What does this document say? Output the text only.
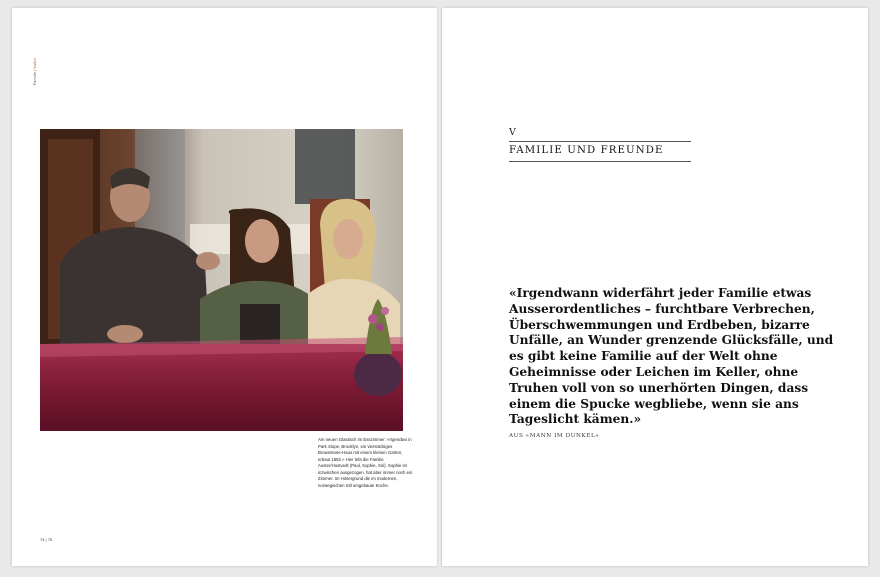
Familie | Kultur

Am neuen Glastisch im Esszimmer: «Irgendwo in Park Slope, Brooklyn, ein vierstöckiges Brownstone-Haus mit einem kleinen Garten, erbaut 1892.» Hier lebt die Familie Auster/Hustvedt (Paul, Sophie, Siri). Sophie ist inzwischen ausgezogen, hat aber immer noch ein Zimmer. Im Hintergrund die im modernen, norwegischen Stil umgebaute Küche.

74 | 75
V
FAMILIE UND FREUNDE

«Irgendwann widerfährt jeder Familie etwas Ausserordentliches – furchtbare Verbrechen, Überschwemmungen und Erdbeben, bizarre Unfälle, an Wunder grenzende Glücksfälle, und es gibt keine Familie auf der Welt ohne Geheimnisse oder Leichen im Keller, ohne Truhen voll von so unerhörten Dingen, dass einem die Spucke wegbliebe, wenn sie ans Tageslicht kämen.»

AUS «MANN IM DUNKEL»
